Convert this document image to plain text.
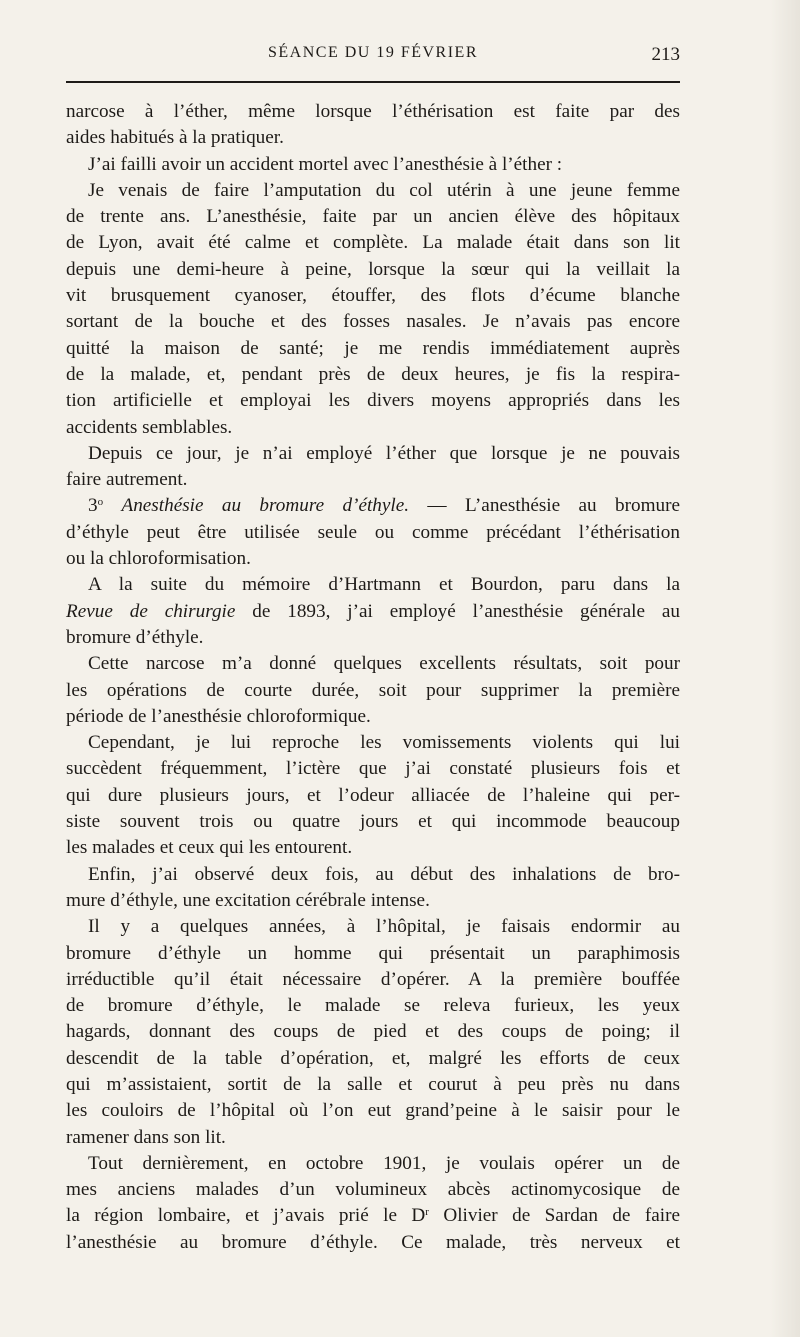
SÉANCE DU 19 FÉVRIER	213
narcose à l’éther, même lorsque l’éthérisation est faite par des
aides habitués à la pratiquer.
J’ai failli avoir un accident mortel avec l’anesthésie à l’éther :
Je venais de faire l’amputation du col utérin à une jeune femme
de trente ans. L’anesthésie, faite par un ancien élève des hôpitaux
de Lyon, avait été calme et complète. La malade était dans son lit
depuis une demi-heure à peine, lorsque la sœur qui la veillait la
vit brusquement cyanoser, étouffer, des flots d’écume blanche
sortant de la bouche et des fosses nasales. Je n’avais pas encore
quitté la maison de santé; je me rendis immédiatement auprès
de la malade, et, pendant près de deux heures, je fis la respira-
tion artificielle et employai les divers moyens appropriés dans les
accidents semblables.
Depuis ce jour, je n’ai employé l’éther que lorsque je ne pouvais
faire autrement.
3$^o$ Anesthésie au bromure d’éthyle. — L’anesthésie au bromure
d’éthyle peut être utilisée seule ou comme précédant l’éthérisation
ou la chloroformisation.
A la suite du mémoire d’Hartmann et Bourdon, paru dans la
Revue de chirurgie de 1893, j’ai employé l’anesthésie générale au
bromure d’éthyle.
Cette narcose m’a donné quelques excellents résultats, soit pour
les opérations de courte durée, soit pour supprimer la première
période de l’anesthésie chloroformique.
Cependant, je lui reproche les vomissements violents qui lui
succèdent fréquemment, l’ictère que j’ai constaté plusieurs fois et
qui dure plusieurs jours, et l’odeur alliacée de l’haleine qui per-
siste souvent trois ou quatre jours et qui incommode beaucoup
les malades et ceux qui les entourent.
Enfin, j’ai observé deux fois, au début des inhalations de bro-
mure d’éthyle, une excitation cérébrale intense.
Il y a quelques années, à l’hôpital, je faisais endormir au
bromure d’éthyle un homme qui présentait un paraphimosis
irréductible qu’il était nécessaire d’opérer. A la première bouffée
de bromure d’éthyle, le malade se releva furieux, les yeux
hagards, donnant des coups de pied et des coups de poing; il
descendit de la table d’opération, et, malgré les efforts de ceux
qui m’assistaient, sortit de la salle et courut à peu près nu dans
les couloirs de l’hôpital où l’on eut grand’peine à le saisir pour le
ramener dans son lit.
Tout dernièrement, en octobre 1901, je voulais opérer un de
mes anciens malades d’un volumineux abcès actinomycosique de
la région lombaire, et j’avais prié le $D^r$ Olivier de Sardan de faire
l’anesthésie au bromure d’éthyle. Ce malade, très nerveux et
